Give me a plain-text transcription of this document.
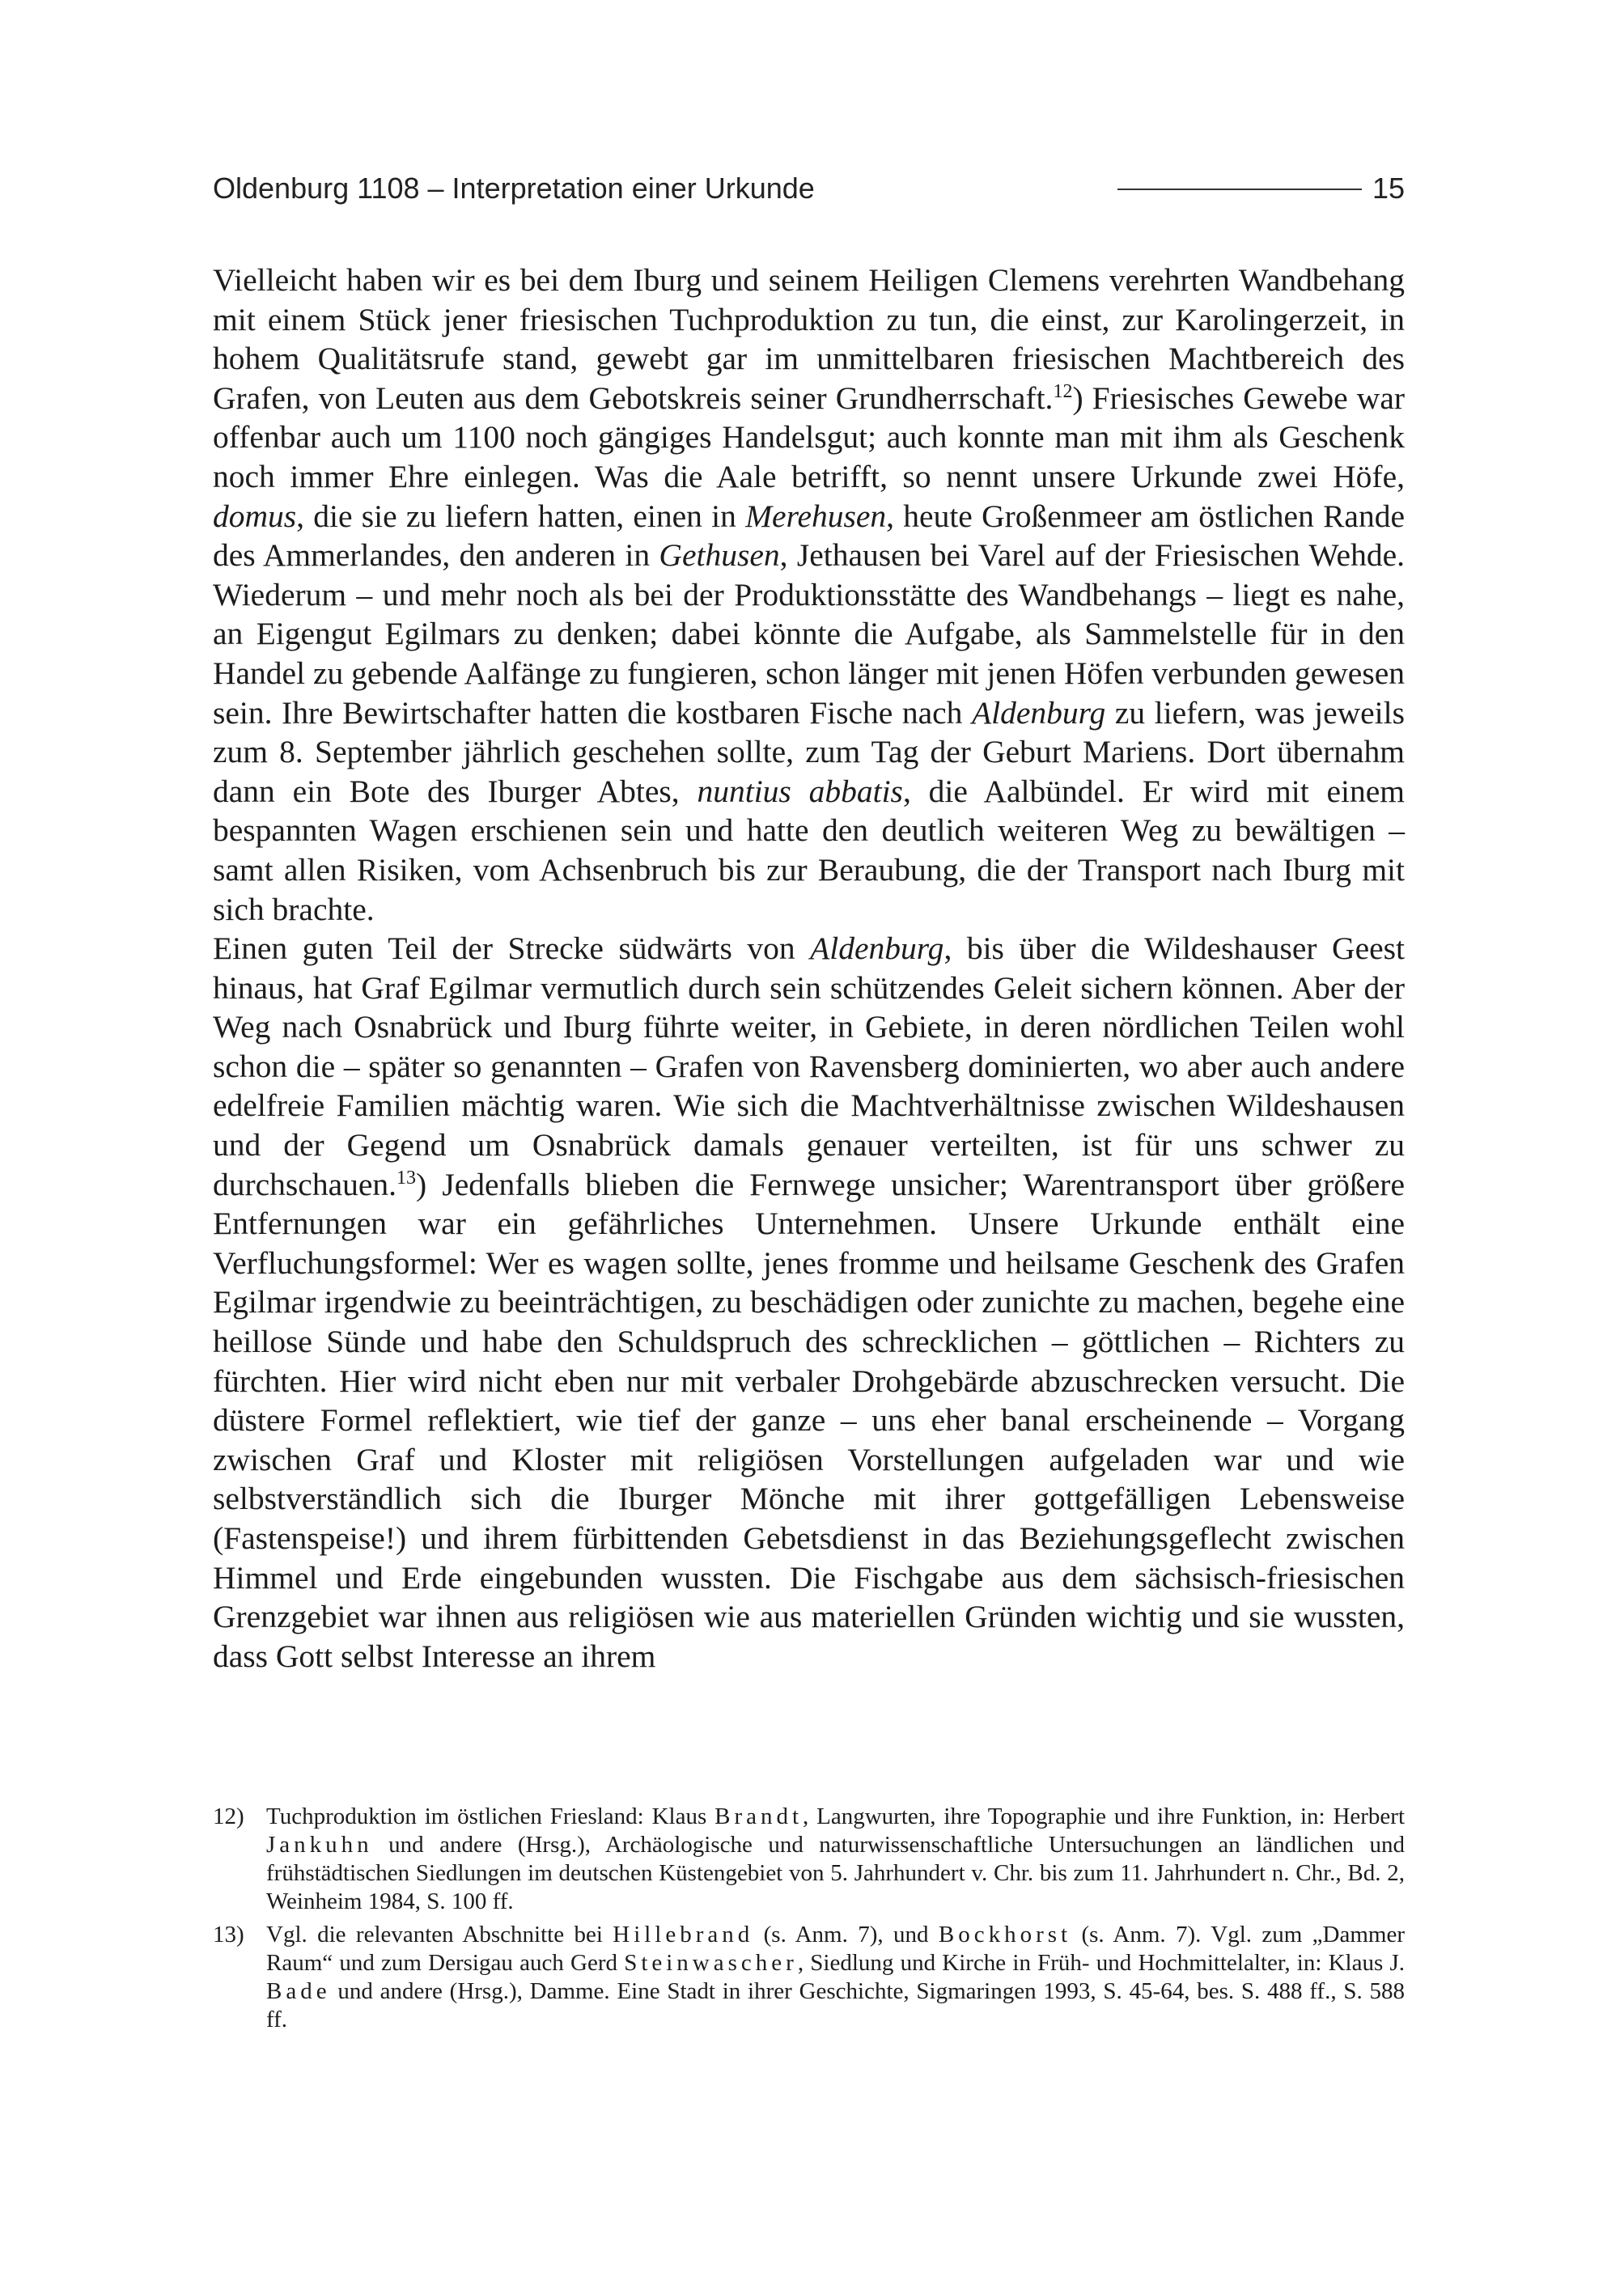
Oldenburg 1108 – Interpretation einer Urkunde	15

Vielleicht haben wir es bei dem Iburg und seinem Heiligen Clemens verehrten Wandbehang mit einem Stück jener friesischen Tuchproduktion zu tun, die einst, zur Karolingerzeit, in hohem Qualitätsrufe stand, gewebt gar im unmittelbaren friesischen Machtbereich des Grafen, von Leuten aus dem Gebotskreis seiner Grundherrschaft.$^{12}$) Friesisches Gewebe war offenbar auch um 1100 noch gängiges Handelsgut; auch konnte man mit ihm als Geschenk noch immer Ehre einlegen. Was die Aale betrifft, so nennt unsere Urkunde zwei Höfe, domus, die sie zu liefern hatten, einen in Merehusen, heute Großenmeer am östlichen Rande des Ammerlandes, den anderen in Gethusen, Jethausen bei Varel auf der Friesischen Wehde. Wiederum – und mehr noch als bei der Produktionsstätte des Wandbehangs – liegt es nahe, an Eigengut Egilmars zu denken; dabei könnte die Aufgabe, als Sammelstelle für in den Handel zu gebende Aalfänge zu fungieren, schon länger mit jenen Höfen verbunden gewesen sein. Ihre Bewirtschafter hatten die kostbaren Fische nach Aldenburg zu liefern, was jeweils zum 8. September jährlich geschehen sollte, zum Tag der Geburt Mariens. Dort übernahm dann ein Bote des Iburger Abtes, nuntius abbatis, die Aalbündel. Er wird mit einem bespannten Wagen erschienen sein und hatte den deutlich weiteren Weg zu bewältigen – samt allen Risiken, vom Achsenbruch bis zur Beraubung, die der Transport nach Iburg mit sich brachte.

Einen guten Teil der Strecke südwärts von Aldenburg, bis über die Wildeshauser Geest hinaus, hat Graf Egilmar vermutlich durch sein schützendes Geleit sichern können. Aber der Weg nach Osnabrück und Iburg führte weiter, in Gebiete, in deren nördlichen Teilen wohl schon die – später so genannten – Grafen von Ravensberg dominierten, wo aber auch andere edelfreie Familien mächtig waren. Wie sich die Machtverhältnisse zwischen Wildeshausen und der Gegend um Osnabrück damals genauer verteilten, ist für uns schwer zu durchschauen.$^{13}$) Jedenfalls blieben die Fernwege unsicher; Warentransport über größere Entfernungen war ein gefährliches Unternehmen. Unsere Urkunde enthält eine Verfluchungsformel: Wer es wagen sollte, jenes fromme und heilsame Geschenk des Grafen Egilmar irgendwie zu beeinträchtigen, zu beschädigen oder zunichte zu machen, begehe eine heillose Sünde und habe den Schuldspruch des schrecklichen – göttlichen – Richters zu fürchten. Hier wird nicht eben nur mit verbaler Drohgebärde abzuschrecken versucht. Die düstere Formel reflektiert, wie tief der ganze – uns eher banal erscheinende – Vorgang zwischen Graf und Kloster mit religiösen Vorstellungen aufgeladen war und wie selbstverständlich sich die Iburger Mönche mit ihrer gottgefälligen Lebensweise (Fastenspeise!) und ihrem fürbittenden Gebetsdienst in das Beziehungsgeflecht zwischen Himmel und Erde eingebunden wussten. Die Fischgabe aus dem sächsisch-friesischen Grenzgebiet war ihnen aus religiösen wie aus materiellen Gründen wichtig und sie wussten, dass Gott selbst Interesse an ihrem

12) Tuchproduktion im östlichen Friesland: Klaus Brandt, Langwurten, ihre Topographie und ihre Funktion, in: Herbert Jankuhn und andere (Hrsg.), Archäologische und naturwissenschaftliche Untersuchungen an ländlichen und frühstädtischen Siedlungen im deutschen Küstengebiet von 5. Jahrhundert v. Chr. bis zum 11. Jahrhundert n. Chr., Bd. 2, Weinheim 1984, S. 100 ff.
13) Vgl. die relevanten Abschnitte bei Hillebrand (s. Anm. 7), und Bockhorst (s. Anm. 7). Vgl. zum „Dammer Raum“ und zum Dersigau auch Gerd Steinwascher, Siedlung und Kirche in Früh- und Hochmittelalter, in: Klaus J. Bade und andere (Hrsg.), Damme. Eine Stadt in ihrer Geschichte, Sigmaringen 1993, S. 45-64, bes. S. 488 ff., S. 588 ff.
